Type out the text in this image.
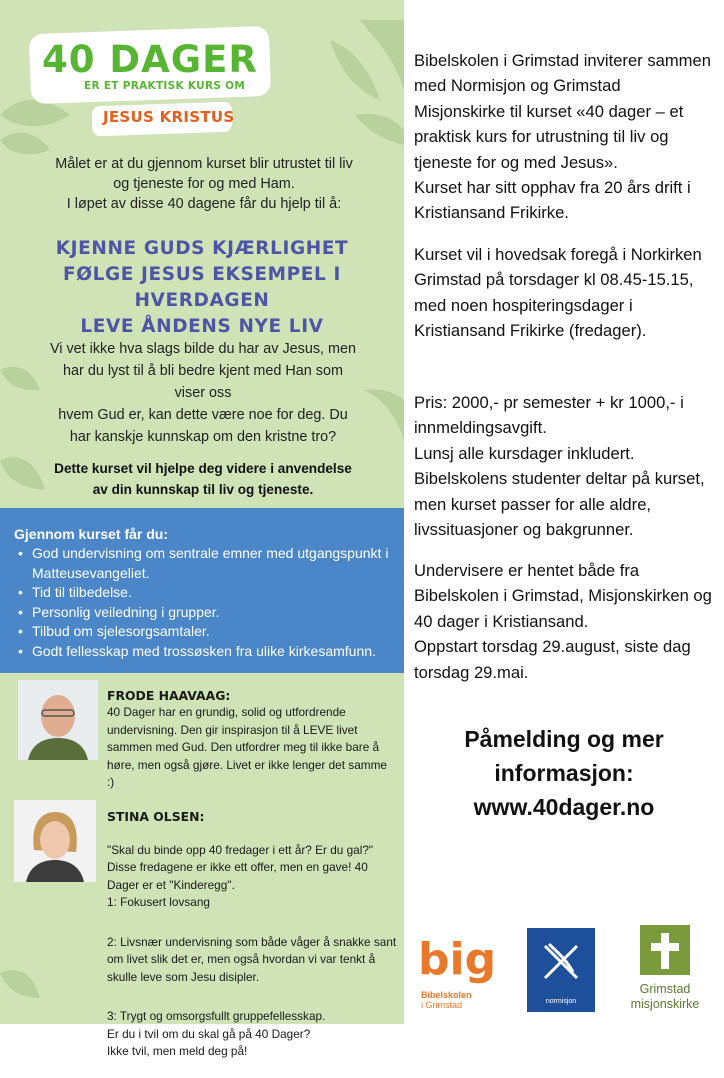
40 DAGER
ER ET PRAKTISK KURS OM
JESUS KRISTUS
Målet er at du gjennom kurset blir utrustet til liv
og tjeneste for og med Ham.
I løpet av disse 40 dagene får du hjelp til å:
KJENNE GUDS KJÆRLIGHET
FØLGE JESUS EKSEMPEL I HVERDAGEN
LEVE ÅNDENS NYE LIV
Vi vet ikke hva slags bilde du har av Jesus, men
har du lyst til å bli bedre kjent med Han som
viser oss
hvem Gud er, kan dette være noe for deg. Du
har kanskje kunnskap om den kristne tro?
Dette kurset vil hjelpe deg videre i anvendelse
av din kunnskap til liv og tjeneste.
Gjennom kurset får du:
• God undervisning om sentrale emner med utgangspunkt i Matteusevangeliet.
• Tid til tilbedelse.
• Personlig veiledning i grupper.
• Tilbud om sjelesorgsamtaler.
• Godt fellesskap med trossøsken fra ulike kirkesamfunn.
FRODE HAAVAAG:

40 Dager har en grundig, solid og utfordrende undervisning. Den gir inspirasjon til å LEVE livet sammen med Gud. Den utfordrer meg til ikke bare å høre, men også gjøre. Livet er ikke lenger det samme :)

STINA OLSEN:

"Skal du binde opp 40 fredager i ett år? Er du gal?" Disse fredagene er ikke ett offer, men en gave! 40 Dager er et "Kinderegg".
1: Fokusert lovsang

2: Livsnær undervisning som både våger å snakke sant om livet slik det er, men også hvordan vi var tenkt å skulle leve som Jesu disipler.

3: Trygt og omsorgsfullt gruppefellesskap.
Er du i tvil om du skal gå på 40 Dager?
Ikke tvil, men meld deg på!

Bibelskolen i Grimstad inviterer sammen med Normisjon og Grimstad Misjonskirke til kurset «40 dager – et praktisk kurs for utrustning til liv og tjeneste for og med Jesus».
Kurset har sitt opphav fra 20 års drift i Kristiansand Frikirke.

Kurset vil i hovedsak foregå i Norkirken Grimstad på torsdager kl 08.45-15.15, med noen hospiteringsdager i Kristiansand Frikirke (fredager).

Pris: 2000,- pr semester + kr 1000,- i innmeldingsavgift.
Lunsj alle kursdager inkludert.
Bibelskolens studenter deltar på kurset, men kurset passer for alle aldre, livssituasjoner og bakgrunner.

Undervisere er hentet både fra Bibelskolen i Grimstad, Misjonskirken og 40 dager i Kristiansand.
Oppstart torsdag 29.august, siste dag torsdag 29.mai.

Påmelding og mer
informasjon:
www.40dager.no
big
Bibelskolen
i Grimstad	normisjon
Grimstad
misjonskirke
